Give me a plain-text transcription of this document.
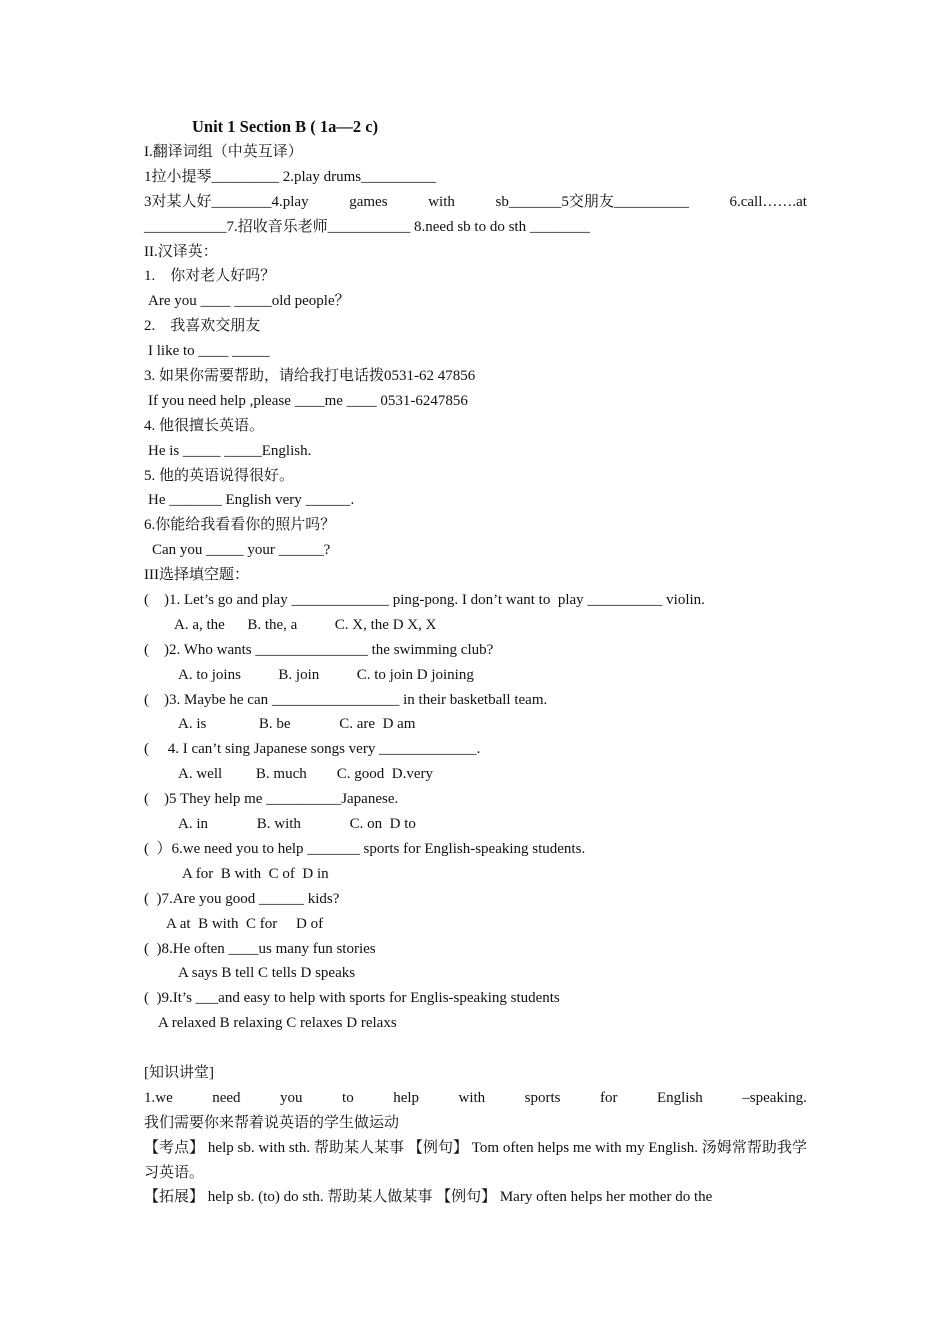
Unit 1 Section B ( 1a—2 c)
I.翻译词组（中英互译）
1拉小提琴_________ 2.play drums__________
3对某人好________4.play	games	with	sb_______5交朋友__________	6.call…….at
___________7.招收音乐老师___________ 8.need sb to do sth ________
II.汉译英：
1.    你对老人好吗？
Are you ____ _____old people？
2.    我喜欢交朋友
I like to ____ _____
3. 如果你需要帮助，请给我打电话拨0531-62 47856
If you need help ,please ____me ____ 0531-6247856
4. 他很擅长英语。
He is _____ _____English.
5. 他的英语说得很好。
He _______ English very ______.
6.你能给我看看你的照片吗？
Can you _____ your ______?
III选择填空题：
(    )1. Let’s go and play _____________ ping-pong. I don’t want to  play __________ violin.
A. a, the      B. the, a          C. X, the D X, X
(    )2. Who wants _______________ the swimming club?
A. to joins          B. join          C. to join D joining
(    )3. Maybe he can _________________ in their basketball team.
A. is              B. be             C. are  D am
(     4. I can’t sing Japanese songs very _____________.
A. well         B. much        C. good  D.very
(    )5 They help me __________Japanese.
A. in             B. with             C. on  D to
(  ）6.we need you to help _______ sports for English-speaking students.
A for  B with  C of  D in
(  )7.Are you good ______ kids?
A at  B with  C for     D of
(  )8.He often ____us many fun stories
A says B tell C tells D speaks
(  )9.It’s ___and easy to help with sports for Englis-speaking students
A relaxed B relaxing C relaxes D relaxs
[知识讲堂]
1.we	need	you	to	help	with	sports	for	English	–speaking.
我们需要你来帮着说英语的学生做运动
【考点】 help sb. with sth. 帮助某人某事 【例句】 Tom often helps me with my English. 汤姆常帮助我学习英语。
【拓展】 help sb. (to) do sth. 帮助某人做某事 【例句】 Mary often helps her mother do the
